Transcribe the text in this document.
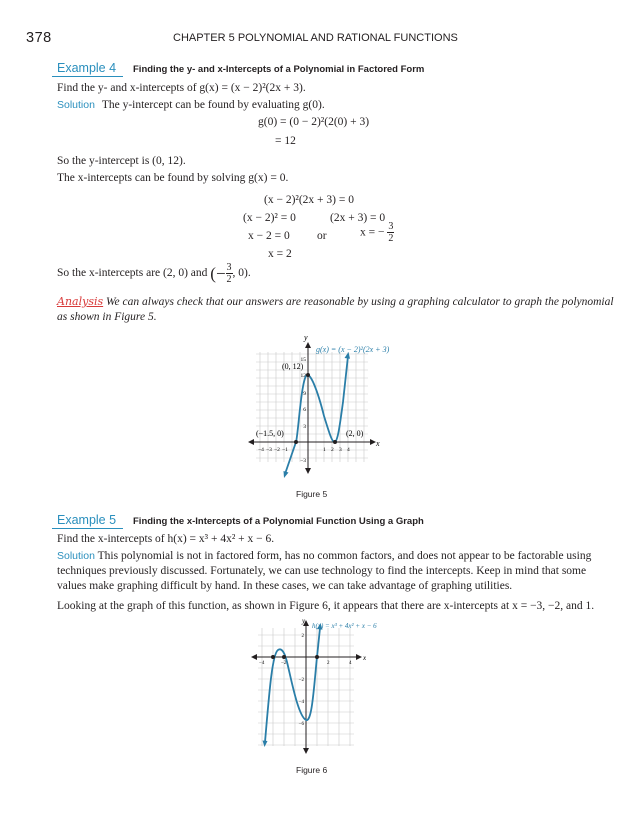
378	CHAPTER 5 POLYNOMIAL AND RATIONAL FUNCTIONS
Example 4 Finding the y- and x-Intercepts of a Polynomial in Factored Form
Find the y- and x-intercepts of g(x) = (x − 2)²(2x + 3).
Solution The y-intercept can be found by evaluating g(0).
g(0) = (0 − 2)²(2(0) + 3)
= 12
So the y-intercept is (0, 12).
The x-intercepts can be found by solving g(x) = 0.
(x − 2)²(2x + 3) = 0
(x − 2)² = 0	(2x + 3) = 0
x − 2 = 0 or	x = − $\frac{3}{2}$
x = 2
So the x-intercepts are (2, 0) and (− $\frac{3}{2}$ , 0).
Analysis We can always check that our answers are reasonable by using a graphing calculator to graph the polynomial
as shown in Figure 5.
y
x
−4 −3 −2 −1	1 2 3 4
15
12
9
6
3
−3
g(x) = (x − 2)²(2x + 3)
(0, 12)
(−1.5, 0)	(2, 0)
Figure 5
Example 5 Finding the x-Intercepts of a Polynomial Function Using a Graph
Find the x-intercepts of h(x) = x³ + 4x² + x − 6.
Solution This polynomial is not in factored form, has no common factors, and does not appear to be factorable using
techniques previously discussed. Fortunately, we can use technology to find the intercepts. Keep in mind that some
values make graphing difficult by hand. In these cases, we can take advantage of graphing utilities.
Looking at the graph of this function, as shown in Figure 6, it appears that there are x-intercepts at x = −3, −2, and 1.
y
x
−4	−2	2	4
2
−2
−4
−6
h(x) = x³ + 4x² + x − 6
Figure 6
